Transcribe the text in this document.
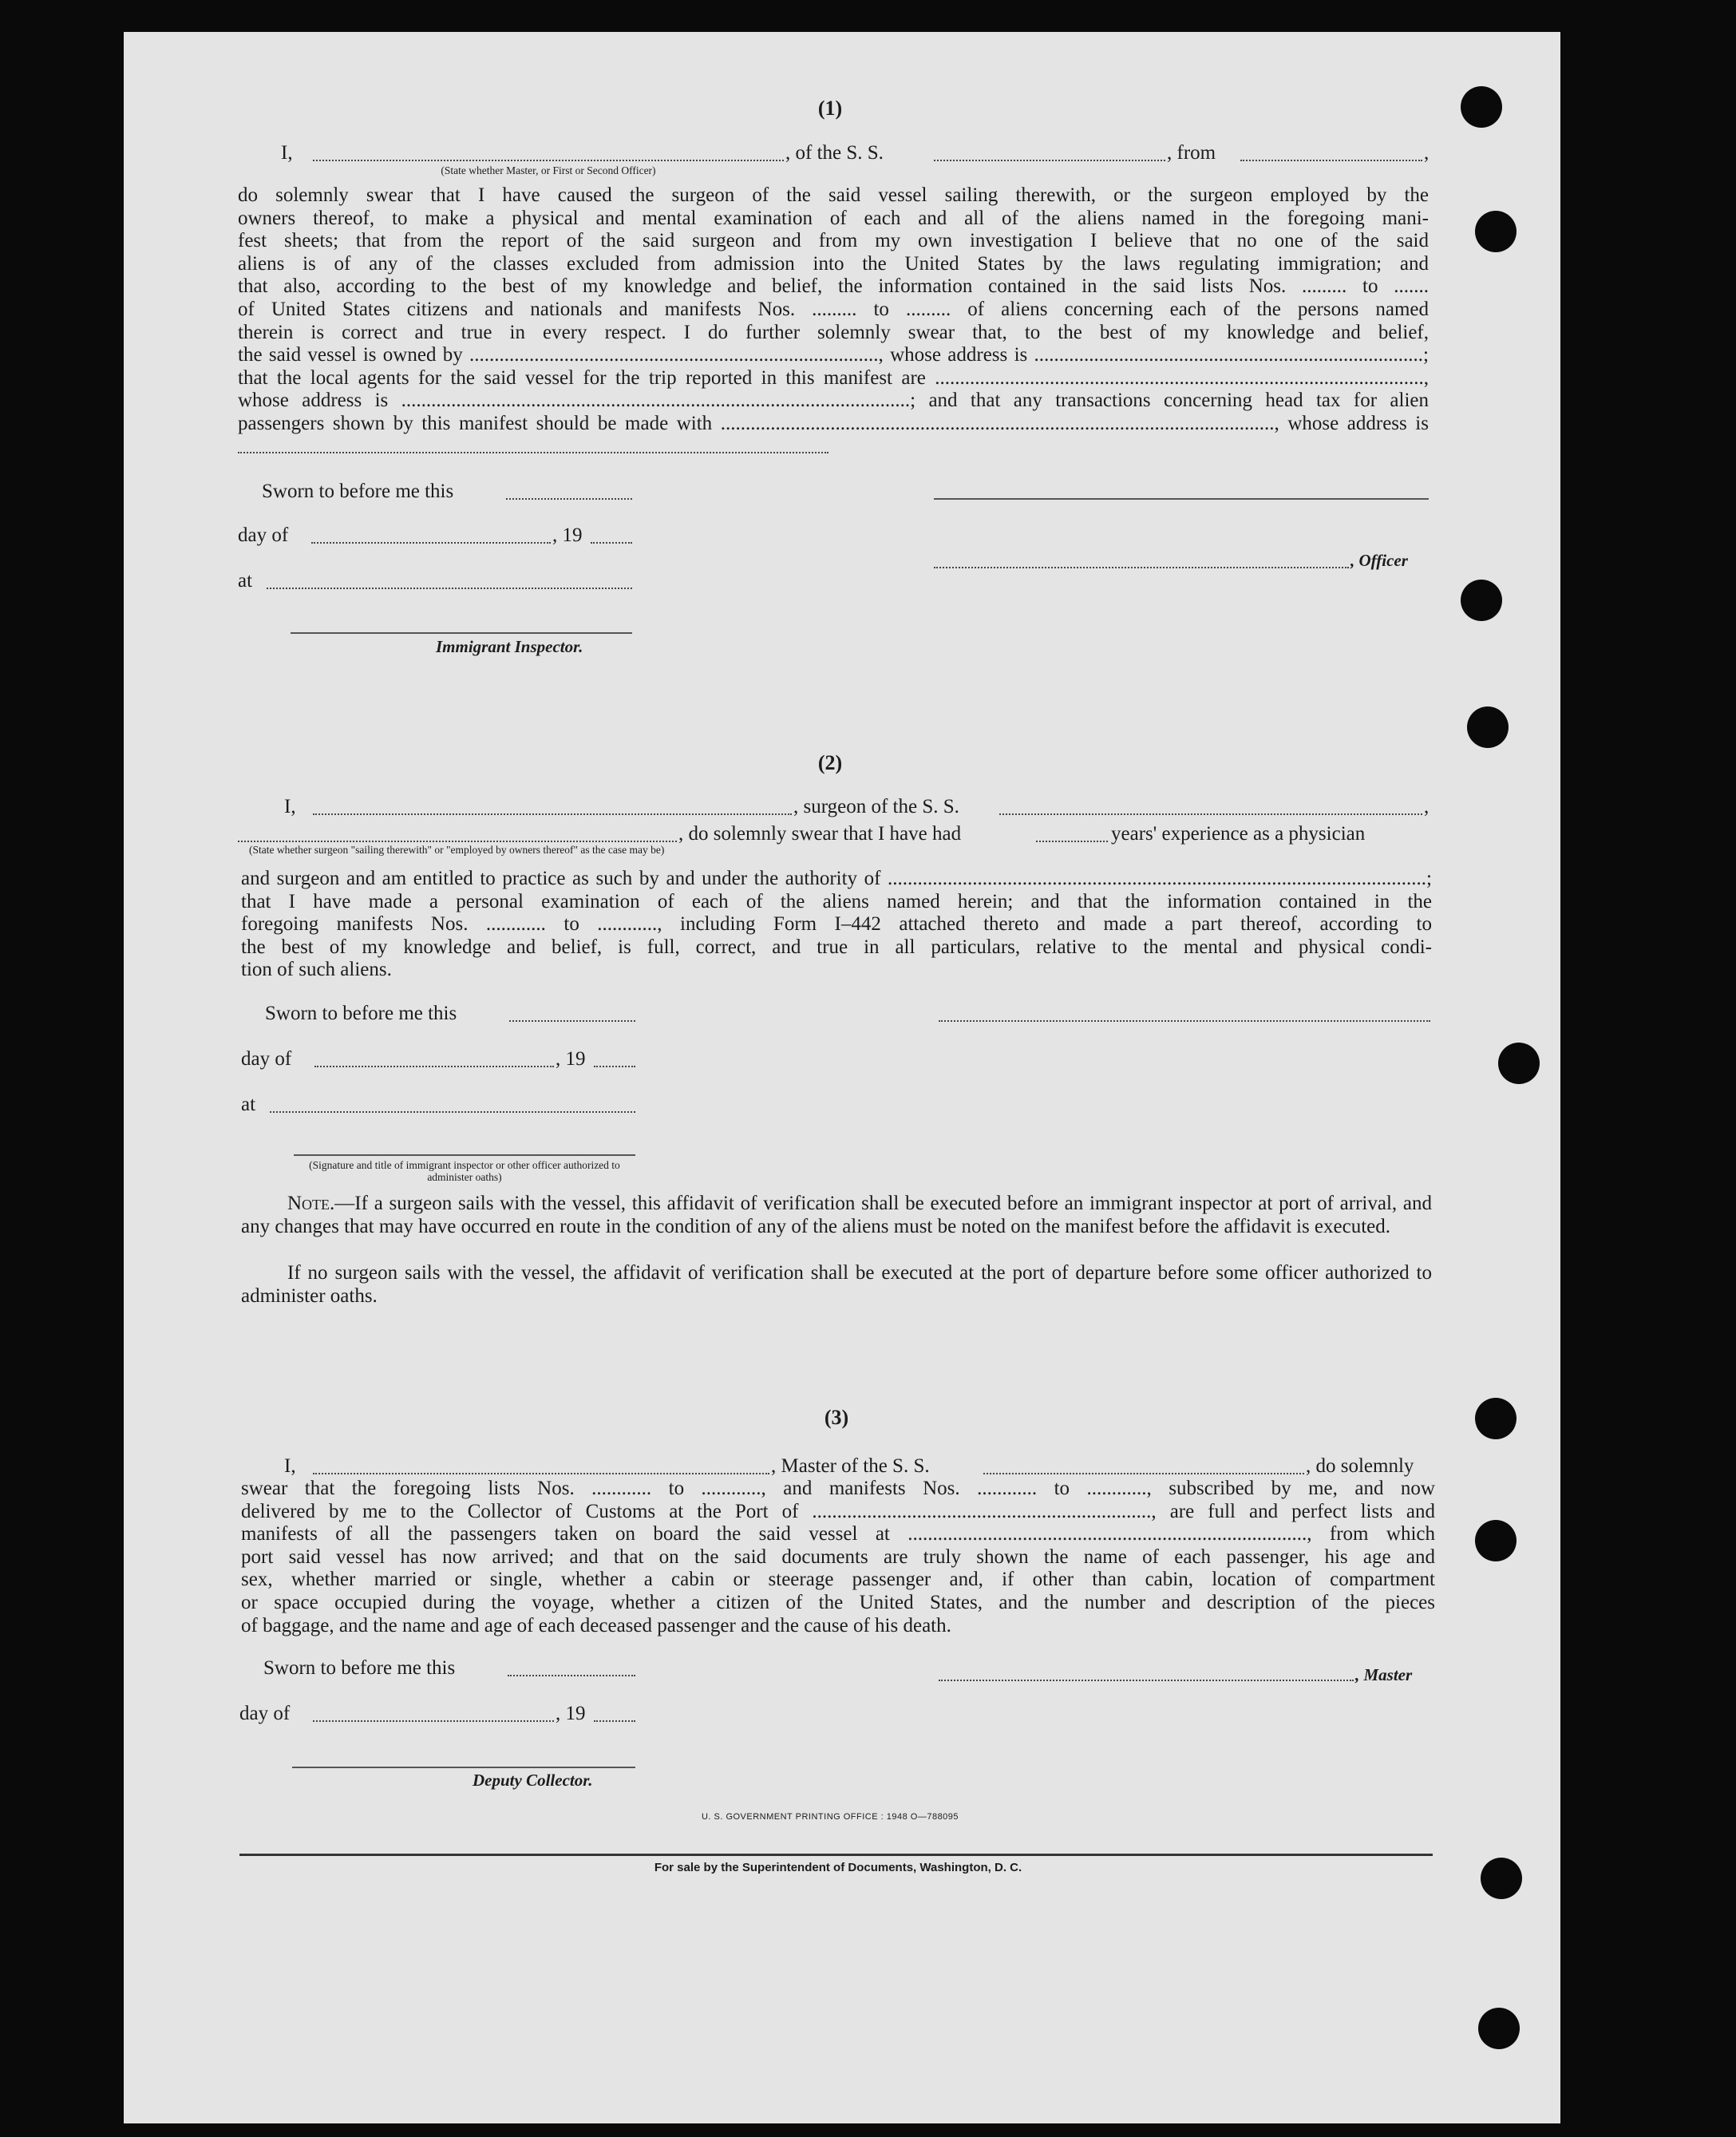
(1)
I,	, of the S. S.	, from	,
(State whether Master, or First or Second Officer)
do solemnly swear that I have caused the surgeon of the said vessel sailing therewith, or the surgeon employed by the
owners thereof, to make a physical and mental examination of each and all of the aliens named in the foregoing mani-
fest sheets; that from the report of the said surgeon and from my own investigation I believe that no one of the said
aliens is of any of the classes excluded from admission into the United States by the laws regulating immigration; and
that also, according to the best of my knowledge and belief, the information contained in the said lists Nos. ......... to .......
of United States citizens and nationals and manifests Nos. ......... to ......... of aliens concerning each of the persons named
therein is correct and true in every respect. I do further solemnly swear that, to the best of my knowledge and belief,
the said vessel is owned by .................................................................................., whose address is ..............................................................................;
that the local agents for the said vessel for the trip reported in this manifest are ..................................................................................................,
whose address is ......................................................................................................; and that any transactions concerning head tax for alien
passengers shown by this manifest should be made with ..............................................................................................................., whose address is
Sworn to before me this
day of	, 19
, Officer
at
Immigrant Inspector.
(2)
I,	, surgeon of the S. S.	,
, do solemnly swear that I have had	years' experience as a physician
(State whether surgeon "sailing therewith" or "employed by owners thereof" as the case may be)
and surgeon and am entitled to practice as such by and under the authority of ............................................................................................................;
that I have made a personal examination of each of the aliens named herein; and that the information contained in the
foregoing manifests Nos. ............ to ............, including Form I–442 attached thereto and made a part thereof, according to
the best of my knowledge and belief, is full, correct, and true in all particulars, relative to the mental and physical condi-
tion of such aliens.
Sworn to before me this
day of	, 19
at
(Signature and title of immigrant inspector or other officer authorized to administer oaths)
Note.—If a surgeon sails with the vessel, this affidavit of verification shall be executed before an immigrant inspector at port of arrival, and any changes that may have occurred en route in the condition of any of the aliens must be noted on the manifest before the affidavit is executed.
If no surgeon sails with the vessel, the affidavit of verification shall be executed at the port of departure before some officer authorized to administer oaths.
(3)
I,	, Master of the S. S.	, do solemnly
swear that the foregoing lists Nos. ............ to ............, and manifests Nos. ............ to ............, subscribed by me, and now
delivered by me to the Collector of Customs at the Port of ...................................................................., are full and perfect lists and
manifests of all the passengers taken on board the said vessel at ................................................................................, from which
port said vessel has now arrived; and that on the said documents are truly shown the name of each passenger, his age and
sex, whether married or single, whether a cabin or steerage passenger and, if other than cabin, location of compartment
or space occupied during the voyage, whether a citizen of the United States, and the number and description of the pieces
of baggage, and the name and age of each deceased passenger and the cause of his death.
Sworn to before me this	, Master
day of	, 19
Deputy Collector.
U. S. GOVERNMENT PRINTING OFFICE : 1948 O—788095
For sale by the Superintendent of Documents, Washington, D. C.
